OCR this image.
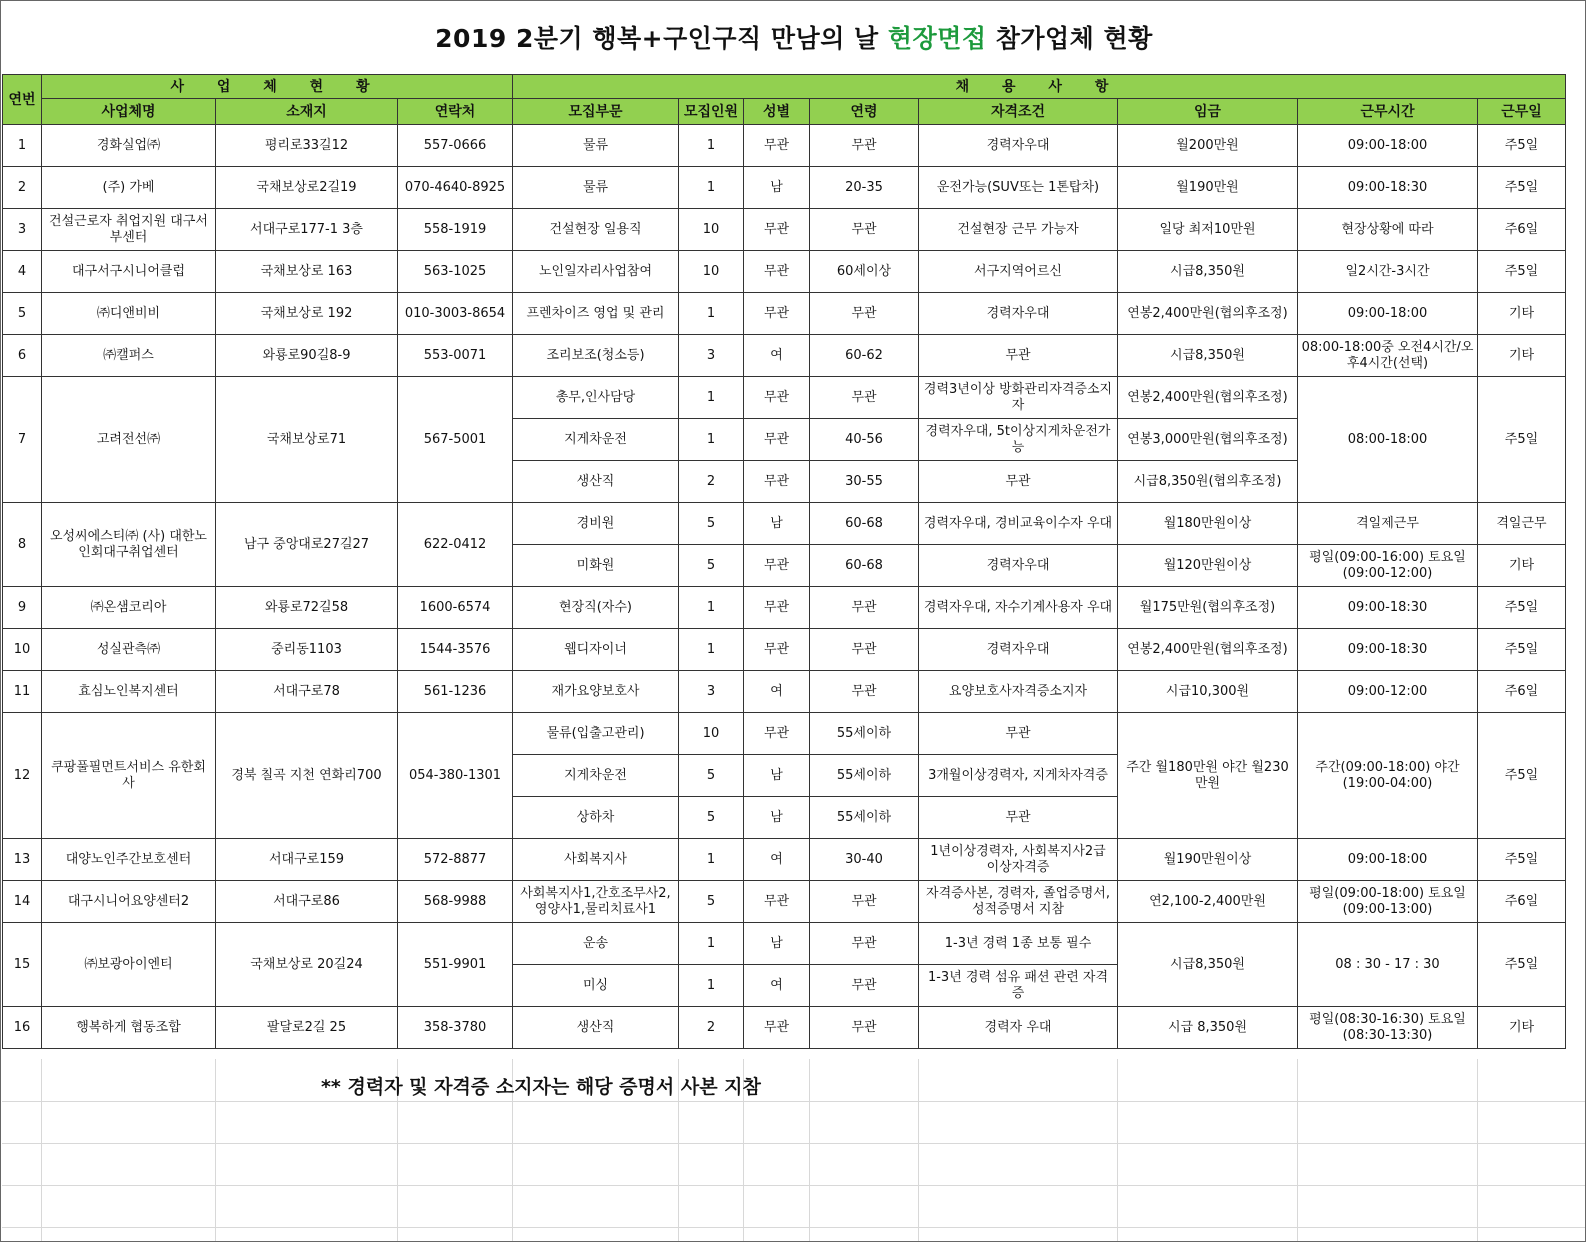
2019 2분기 행복+구인구직 만남의 날 현장면접 참가업체 현황
연번	사 업 체 현 황			채 용 사 항							
	사업체명	소재지	연락처	모집부문	모집인원	성별	연령	자격조건	임금	근무시간	근무일
1	경화실업㈜	평리로33길12	557-0666	물류	1	무관	무관	경력자우대	월200만원	09:00-18:00	주5일
2	(주) 가베	국채보상로2길19	070-4640-8925	물류	1	남	20-35	운전가능(SUV또는 1톤탑차)	월190만원	09:00-18:30	주5일
3	건설근로자 취업지원 대구서부센터	서대구로177-1 3층	558-1919	건설현장 일용직	10	무관	무관	건설현장 근무 가능자	일당 최저10만원	현장상황에 따라	주6일
4	대구서구시니어클럽	국채보상로 163	563-1025	노인일자리사업참여	10	무관	60세이상	서구지역어르신	시급8,350원	일2시간-3시간	주5일
5	㈜디앤비비	국채보상로 192	010-3003-8654	프렌차이즈 영업 및 관리	1	무관	무관	경력자우대	연봉2,400만원(협의후조정)	09:00-18:00	기타
6	㈜캘퍼스	와룡로90길8-9	553-0071	조리보조(청소등)	3	여	60-62	무관	시급8,350원	08:00-18:00중 오전4시간/오후4시간(선택)	기타
7	고려전선㈜	국채보상로71	567-5001	총무,인사담당	1	무관	무관	경력3년이상 방화관리자격증소지자	연봉2,400만원(협의후조정)	08:00-18:00	주5일
				지게차운전	1	무관	40-56	경력자우대, 5t이상지게차운전가능	연봉3,000만원(협의후조정)		
				생산직	2	무관	30-55	무관	시급8,350원(협의후조정)		
8	오성씨에스티㈜ (사) 대한노인회대구취업센터	남구 중앙대로27길27	622-0412	경비원	5	남	60-68	경력자우대, 경비교육이수자 우대	월180만원이상	격일제근무	격일근무
				미화원	5	무관	60-68	경력자우대	월120만원이상	평일(09:00-16:00) 토요일(09:00-12:00)	기타
9	㈜온샘코리아	와룡로72길58	1600-6574	현장직(자수)	1	무관	무관	경력자우대, 자수기계사용자 우대	월175만원(협의후조정)	09:00-18:30	주5일
10	성실관측㈜	중리동1103	1544-3576	웹디자이너	1	무관	무관	경력자우대	연봉2,400만원(협의후조정)	09:00-18:30	주5일
11	효심노인복지센터	서대구로78	561-1236	재가요양보호사	3	여	무관	요양보호사자격증소지자	시급10,300원	09:00-12:00	주6일
12	쿠팡풀필먼트서비스 유한회사	경북 칠곡 지천 연화리700	054-380-1301	물류(입출고관리)	10	무관	55세이하	무관	주간 월180만원 야간 월230만원	주간(09:00-18:00) 야간(19:00-04:00)	주5일
				지게차운전	5	남	55세이하	3개월이상경력자, 지게차자격증			
				상하차	5	남	55세이하	무관			
13	대양노인주간보호센터	서대구로159	572-8877	사회복지사	1	여	30-40	1년이상경력자, 사회복지사2급 이상자격증	월190만원이상	09:00-18:00	주5일
14	대구시니어요양센터2	서대구로86	568-9988	사회복지사1,간호조무사2,영양사1,물리치료사1	5	무관	무관	자격증사본, 경력자, 졸업증명서,성적증명서 지참	연2,100-2,400만원	평일(09:00-18:00) 토요일(09:00-13:00)	주6일
15	㈜보광아이엔티	국채보상로 20길24	551-9901	운송	1	남	무관	1-3년 경력 1종 보통 필수	시급8,350원	08 : 30 - 17 : 30	주5일
				미싱	1	여	무관	1-3년 경력 섬유 패션 관련 자격증			
16	행복하게 협동조합	팔달로2길 25	358-3780	생산직	2	무관	무관	경력자 우대	시급 8,350원	평일(08:30-16:30) 토요일(08:30-13:30)	기타
** 경력자 및 자격증 소지자는 해당 증명서 사본 지참
